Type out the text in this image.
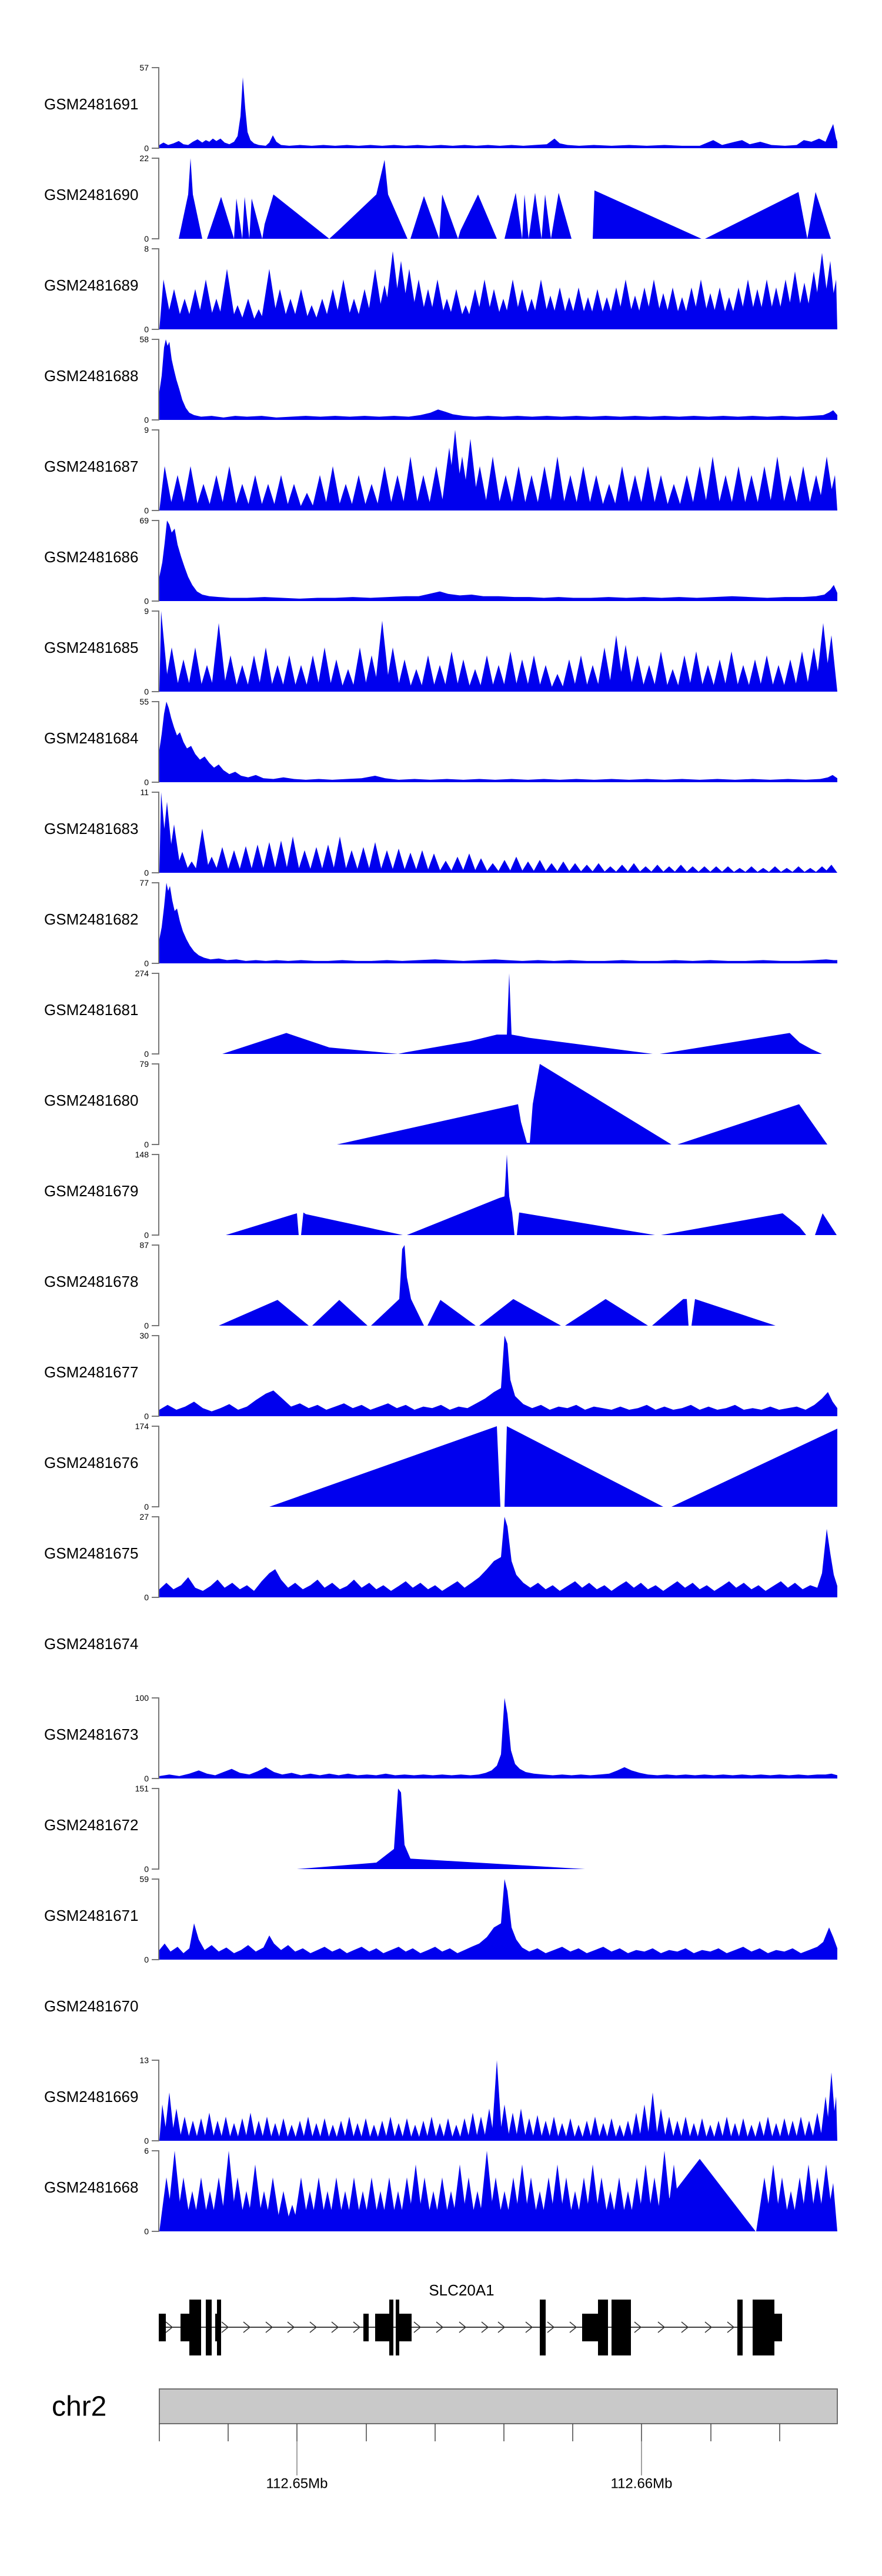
GSM2481691
57
0
GSM2481690
22
0
GSM2481689
8
0
GSM2481688
58
0
GSM2481687
9
0
GSM2481686
69
0
GSM2481685
9
0
GSM2481684
55
0
GSM2481683
11
0
GSM2481682
77
0
GSM2481681
274
0
GSM2481680
79
0
GSM2481679
148
0
GSM2481678
87
0
GSM2481677
30
0
GSM2481676
174
0
GSM2481675
27
0
GSM2481674
GSM2481673
100
0
GSM2481672
151
0
GSM2481671
59
0
GSM2481670
GSM2481669
13
0
GSM2481668
6
0
SLC20A1
chr2
112.65Mb	112.66Mb
